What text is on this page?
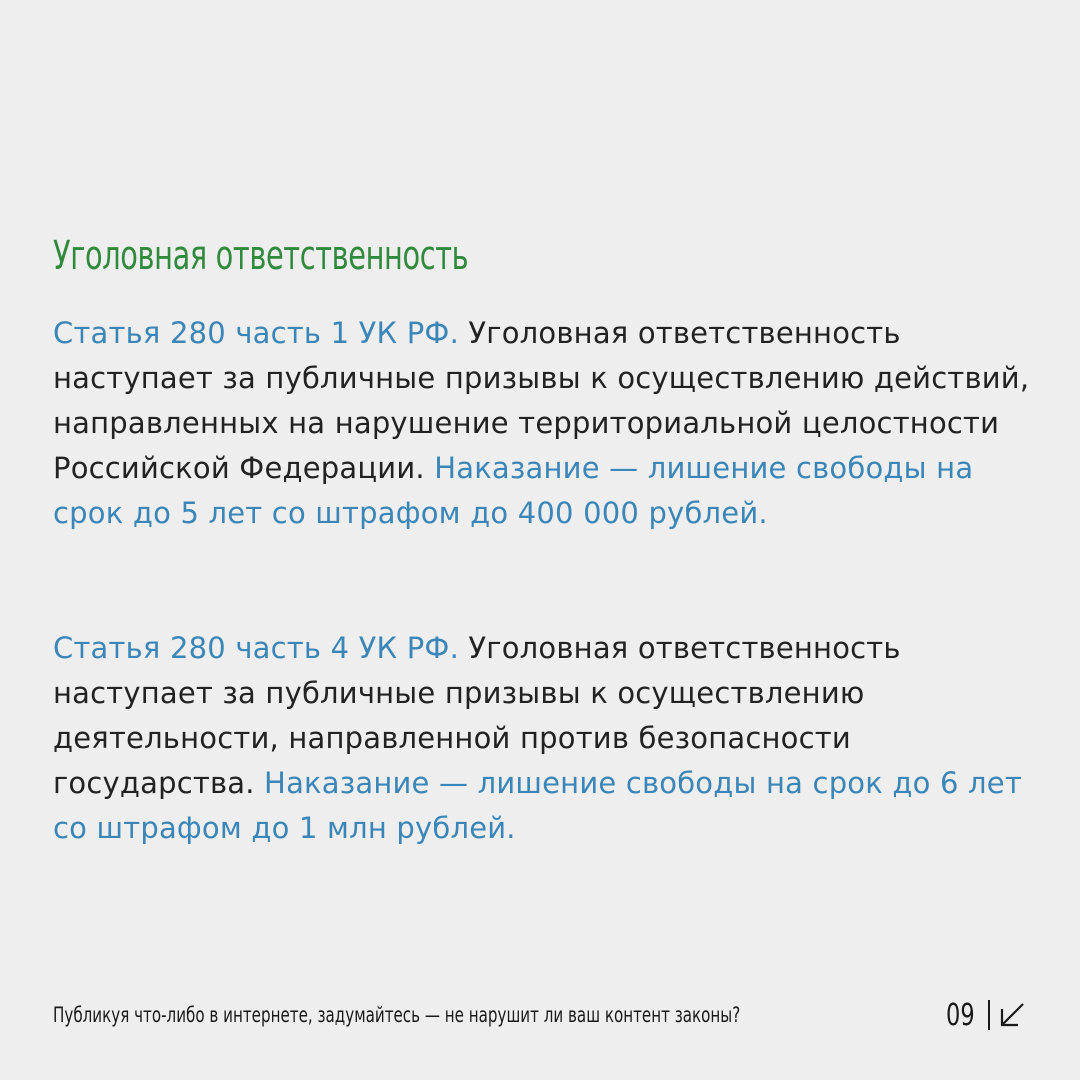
Уголовная ответственность

Статья 280 часть 1 УК РФ. Уголовная ответственность наступает за публичные призывы к осуществлению действий, направленных на нарушение территориальной целостности Российской Федерации. Наказание — лишение свободы на срок до 5 лет со штрафом до 400 000 рублей.

Статья 280 часть 4 УК РФ. Уголовная ответственность наступает за публичные призывы к осуществлению деятельности, направленной против безопасности государства. Наказание — лишение свободы на срок до 6 лет со штрафом до 1 млн рублей.

Публикуя что-либо в интернете, задумайтесь — не нарушит ли ваш контент законы?	09
